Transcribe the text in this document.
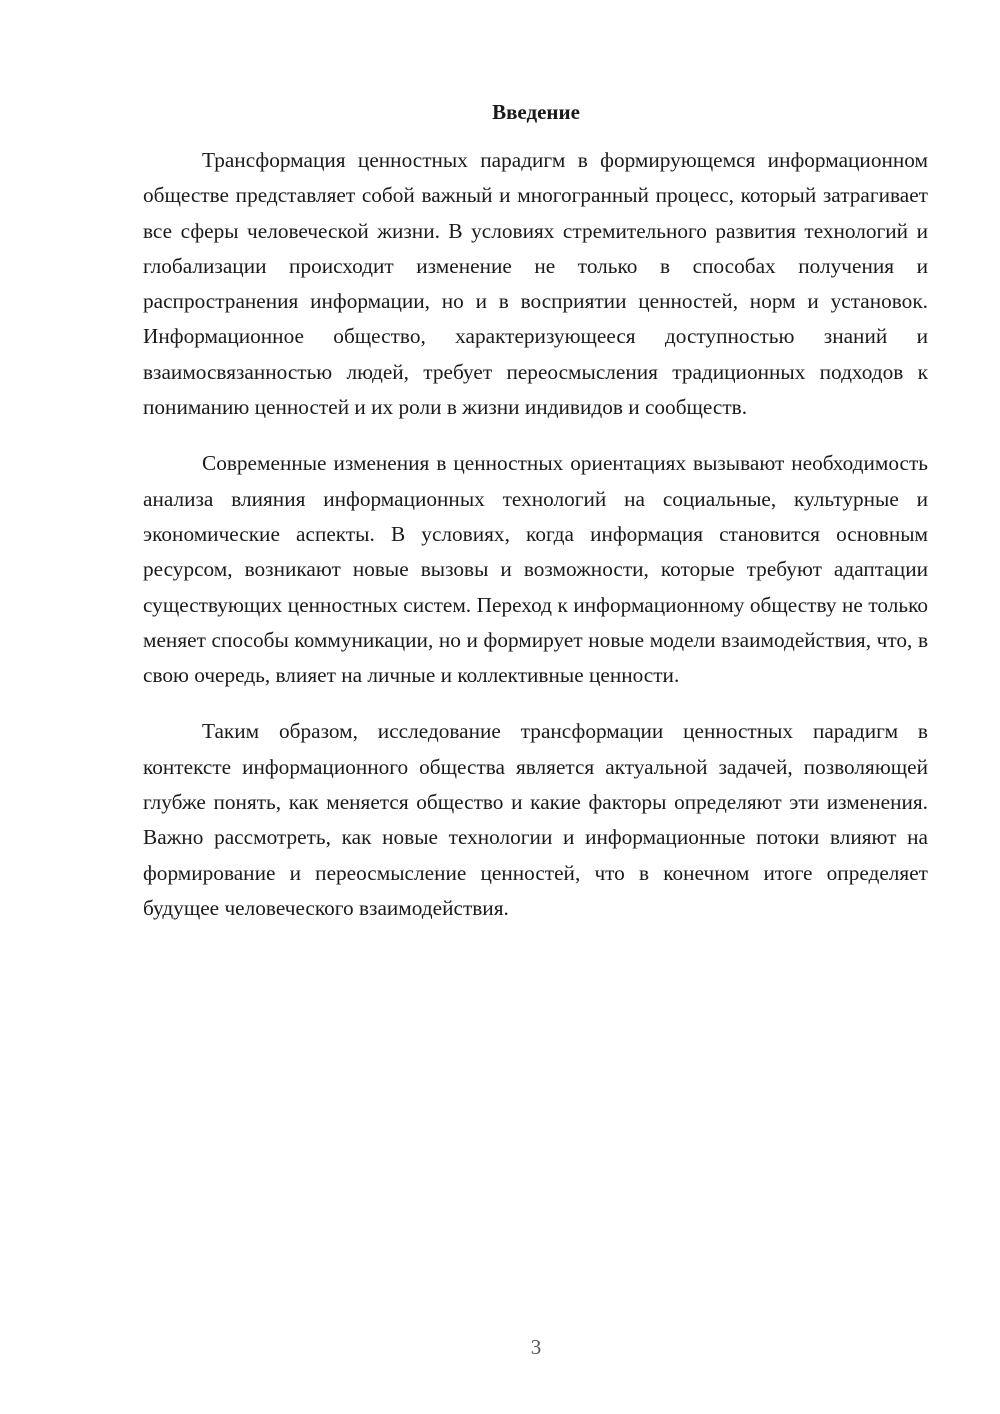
Введение

Трансформация ценностных парадигм в формирующемся информационном обществе представляет собой важный и многогранный процесс, который затрагивает все сферы человеческой жизни. В условиях стремительного развития технологий и глобализации происходит изменение не только в способах получения и распространения информации, но и в восприятии ценностей, норм и установок. Информационное общество, характеризующееся доступностью знаний и взаимосвязанностью людей, требует переосмысления традиционных подходов к пониманию ценностей и их роли в жизни индивидов и сообществ.

Современные изменения в ценностных ориентациях вызывают необходимость анализа влияния информационных технологий на социальные, культурные и экономические аспекты. В условиях, когда информация становится основным ресурсом, возникают новые вызовы и возможности, которые требуют адаптации существующих ценностных систем. Переход к информационному обществу не только меняет способы коммуникации, но и формирует новые модели взаимодействия, что, в свою очередь, влияет на личные и коллективные ценности.

Таким образом, исследование трансформации ценностных парадигм в контексте информационного общества является актуальной задачей, позволяющей глубже понять, как меняется общество и какие факторы определяют эти изменения. Важно рассмотреть, как новые технологии и информационные потоки влияют на формирование и переосмысление ценностей, что в конечном итоге определяет будущее человеческого взаимодействия.

3
